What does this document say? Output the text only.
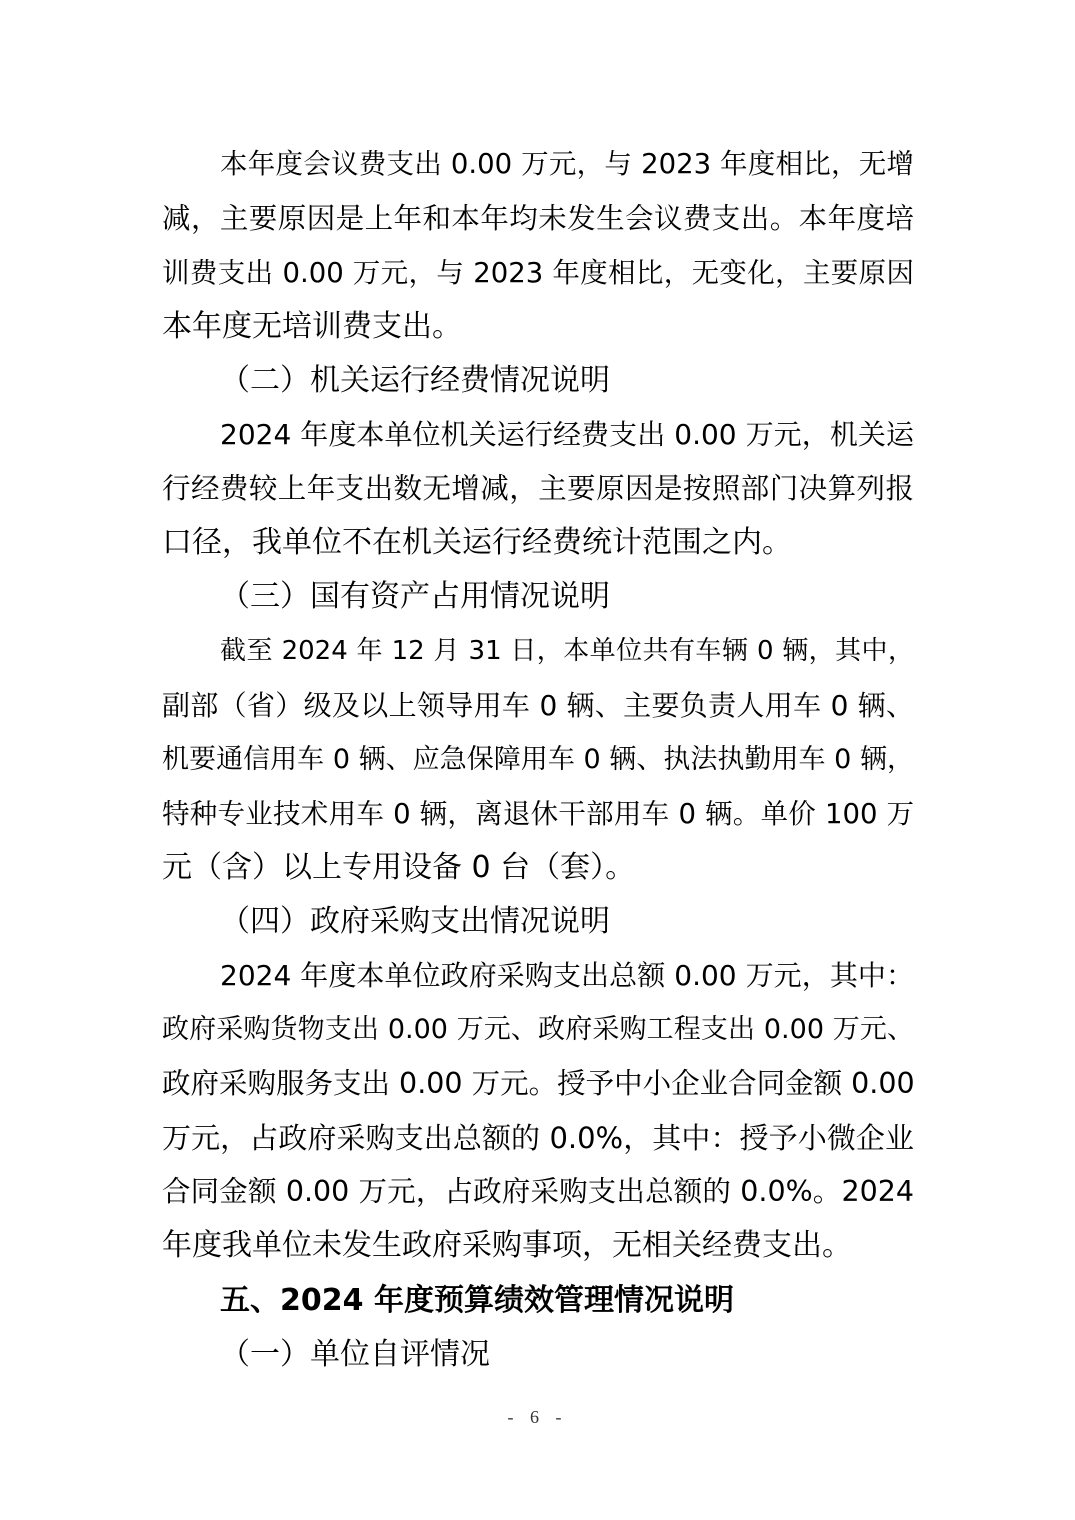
本年度会议费支出 0.00 万元，与 2023 年度相比，无增
减，主要原因是上年和本年均未发生会议费支出。本年度培
训费支出 0.00 万元，与 2023 年度相比，无变化，主要原因
本年度无培训费支出。
（二）机关运行经费情况说明
2024 年度本单位机关运行经费支出 0.00 万元，机关运
行经费较上年支出数无增减，主要原因是按照部门决算列报
口径，我单位不在机关运行经费统计范围之内。
（三）国有资产占用情况说明
截至 2024 年 12 月 31 日，本单位共有车辆 0 辆，其中，
副部（省）级及以上领导用车 0 辆、主要负责人用车 0 辆、
机要通信用车 0 辆、应急保障用车 0 辆、执法执勤用车 0 辆，
特种专业技术用车 0 辆，离退休干部用车 0 辆。单价 100 万
元（含）以上专用设备 0 台（套）。
（四）政府采购支出情况说明
2024 年度本单位政府采购支出总额 0.00 万元，其中：
政府采购货物支出 0.00 万元、政府采购工程支出 0.00 万元、
政府采购服务支出 0.00 万元。授予中小企业合同金额 0.00
万元，占政府采购支出总额的 0.0%，其中：授予小微企业
合同金额 0.00 万元，占政府采购支出总额的 0.0%。2024
年度我单位未发生政府采购事项，无相关经费支出。
五、2024 年度预算绩效管理情况说明
（一）单位自评情况
- 6 -
